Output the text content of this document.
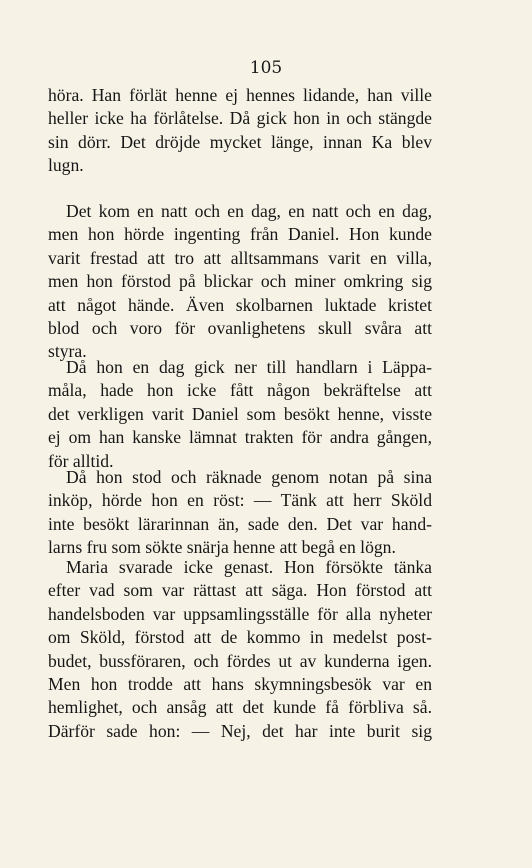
105

höra. Han förlät henne ej hennes lidande, han ville
heller icke ha förlåtelse. Då gick hon in och stängde
sin dörr. Det dröjde mycket länge, innan Ka blev
lugn.

Det kom en natt och en dag, en natt och en dag,
men hon hörde ingenting från Daniel. Hon kunde
varit frestad att tro att alltsammans varit en villa,
men hon förstod på blickar och miner omkring sig
att något hände. Även skolbarnen luktade kristet
blod och voro för ovanlighetens skull svåra att
styra.

Då hon en dag gick ner till handlarn i Läppa-
måla, hade hon icke fått någon bekräftelse att
det verkligen varit Daniel som besökt henne, visste
ej om han kanske lämnat trakten för andra gången,
för alltid.

Då hon stod och räknade genom notan på sina
inköp, hörde hon en röst: — Tänk att herr Sköld
inte besökt lärarinnan än, sade den. Det var hand-
larns fru som sökte snärja henne att begå en lögn.

Maria svarade icke genast. Hon försökte tänka
efter vad som var rättast att säga. Hon förstod att
handelsboden var uppsamlingsställe för alla nyheter
om Sköld, förstod att de kommo in medelst post-
budet, bussföraren, och fördes ut av kunderna igen.
Men hon trodde att hans skymningsbesök var en
hemlighet, och ansåg att det kunde få förbliva så.
Därför sade hon: — Nej, det har inte burit sig
